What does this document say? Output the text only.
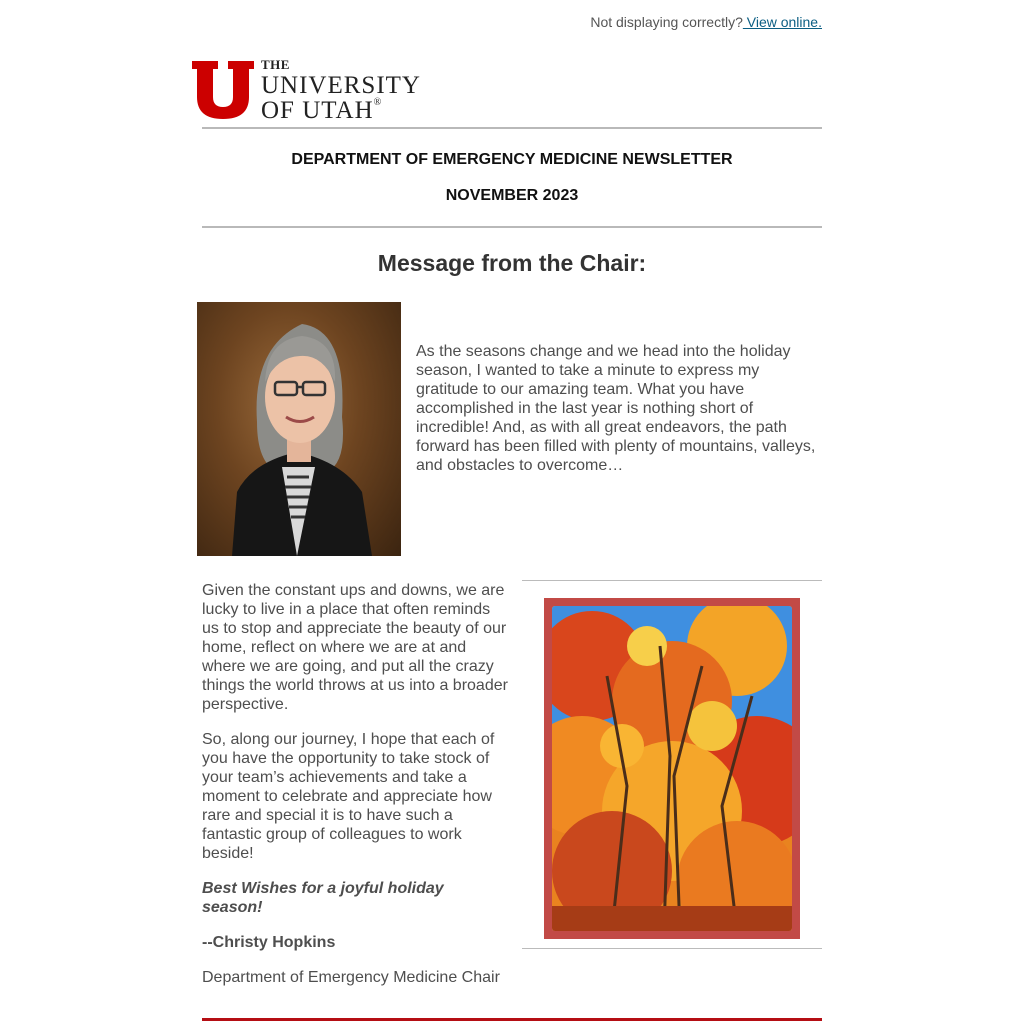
Not displaying correctly? View online.
THE
UNIVERSITY
OF UTAH®
DEPARTMENT OF EMERGENCY MEDICINE NEWSLETTER
NOVEMBER 2023
Message from the Chair:

As the seasons change and we head into the holiday season, I wanted to take a minute to express my gratitude to our amazing team. What you have accomplished in the last year is nothing short of incredible! And, as with all great endeavors, the path forward has been filled with plenty of mountains, valleys, and obstacles to overcome…

Given the constant ups and downs, we are lucky to live in a place that often reminds us to stop and appreciate the beauty of our home, reflect on where we are at and where we are going, and put all the crazy things the world throws at us into a broader perspective.

So, along our journey, I hope that each of you have the opportunity to take stock of your team’s achievements and take a moment to celebrate and appreciate how rare and special it is to have such a fantastic group of colleagues to work beside!

Best Wishes for a joyful holiday season!

--Christy Hopkins

Department of Emergency Medicine Chair
